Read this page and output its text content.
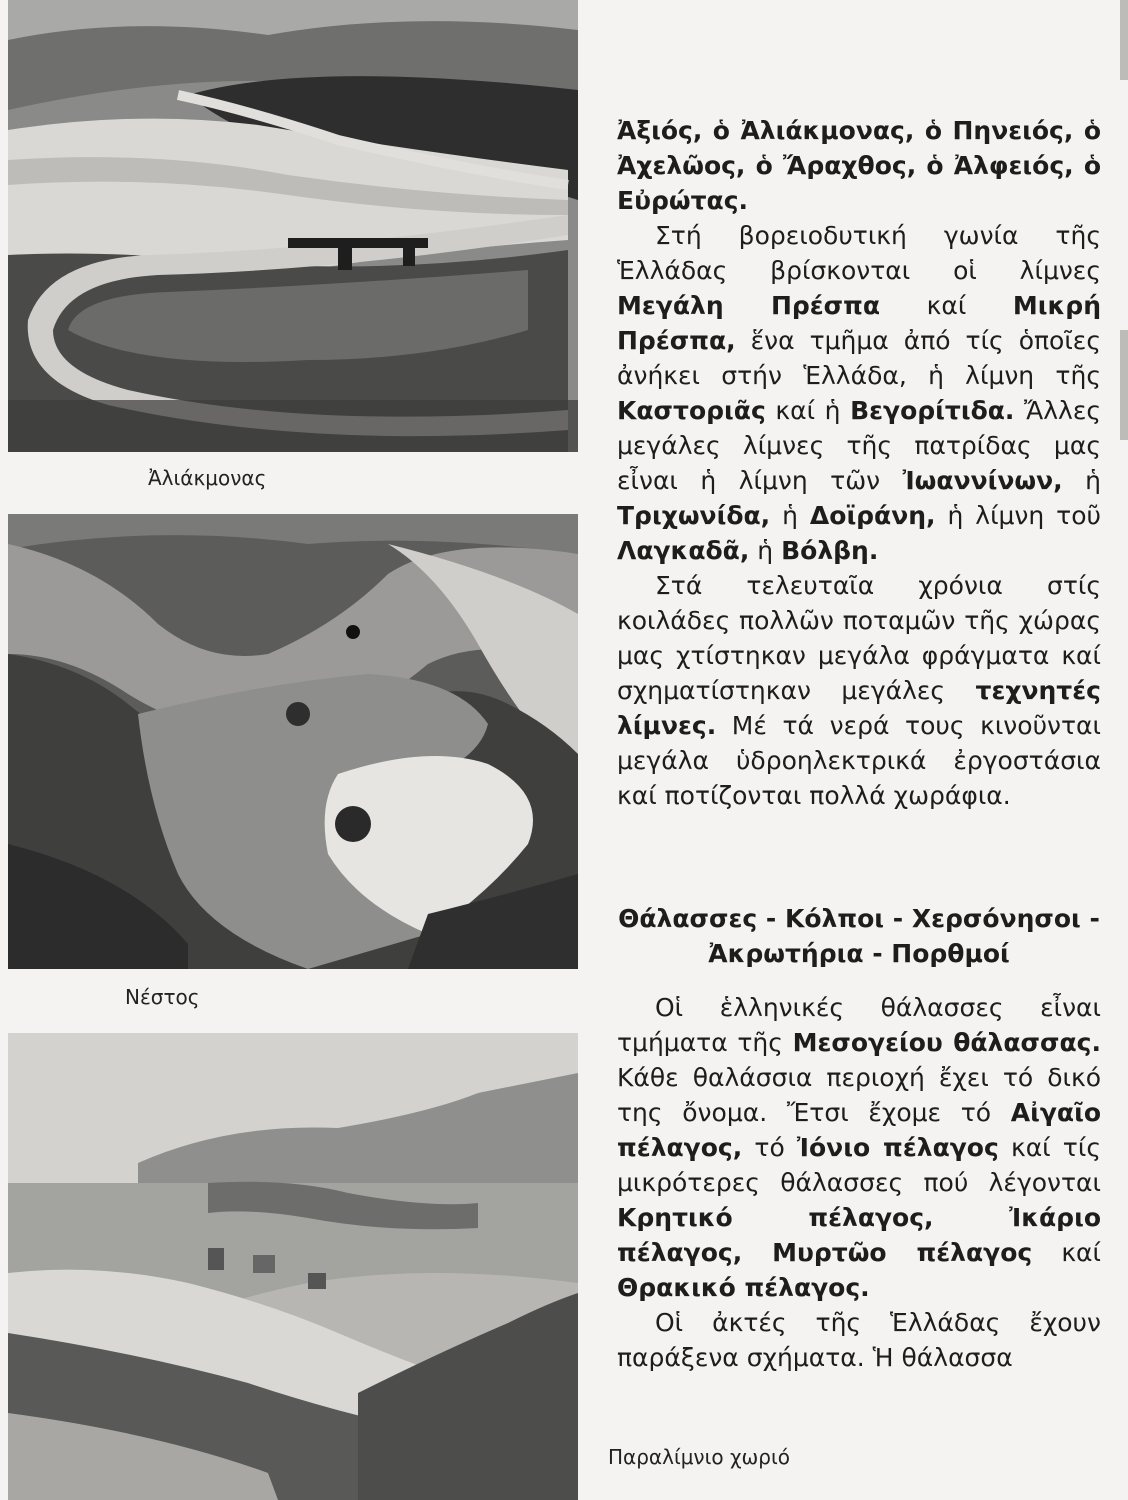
Ἀλιάκμονας
Νέστος
Παραλίμνιο χωριό

Ἀξιός, ὁ Ἀλιάκμονας, ὁ Πηνειός, ὁ Ἀχελῶος, ὁ Ἄραχθος, ὁ Ἀλφειός, ὁ Εὐρώτας.

Στή βορειοδυτική γωνία τῆς Ἑλλάδας βρίσκονται οἱ λίμνες Μεγάλη Πρέσπα καί Μικρή Πρέσπα, ἕνα τμῆμα ἀπό τίς ὁποῖες ἀνήκει στήν Ἑλλάδα, ἡ λίμνη τῆς Καστοριᾶς καί ἡ Βεγορίτιδα. Ἄλλες μεγάλες λίμνες τῆς πατρίδας μας εἶναι ἡ λίμνη τῶν Ἰωαννίνων, ἡ Τριχωνίδα, ἡ Δοϊράνη, ἡ λίμνη τοῦ Λαγκαδᾶ, ἡ Βόλβη.

Στά τελευταῖα χρόνια στίς κοιλάδες πολλῶν ποταμῶν τῆς χώρας μας χτίστηκαν μεγάλα φράγματα καί σχηματίστηκαν μεγάλες τεχνητές λίμνες. Μέ τά νερά τους κινοῦνται μεγάλα ὑδροηλεκτρικά ἐργοστάσια καί ποτίζονται πολλά χωράφια.

Θάλασσες - Κόλποι - Χερσόνησοι - Ἀκρωτήρια - Πορθμοί

Οἱ ἑλληνικές θάλασσες εἶναι τμήματα τῆς Μεσογείου θάλασσας. Κάθε θαλάσσια περιοχή ἔχει τό δικό της ὄνομα. Ἔτσι ἔχομε τό Αἰγαῖο πέλαγος, τό Ἰόνιο πέλαγος καί τίς μικρότερες θάλασσες πού λέγονται Κρητικό πέλαγος, Ἰκάριο πέλαγος, Μυρτῶο πέλαγος καί Θρακικό πέλαγος.

Οἱ ἀκτές τῆς Ἑλλάδας ἔχουν παράξενα σχήματα. Ἡ θάλασσα
